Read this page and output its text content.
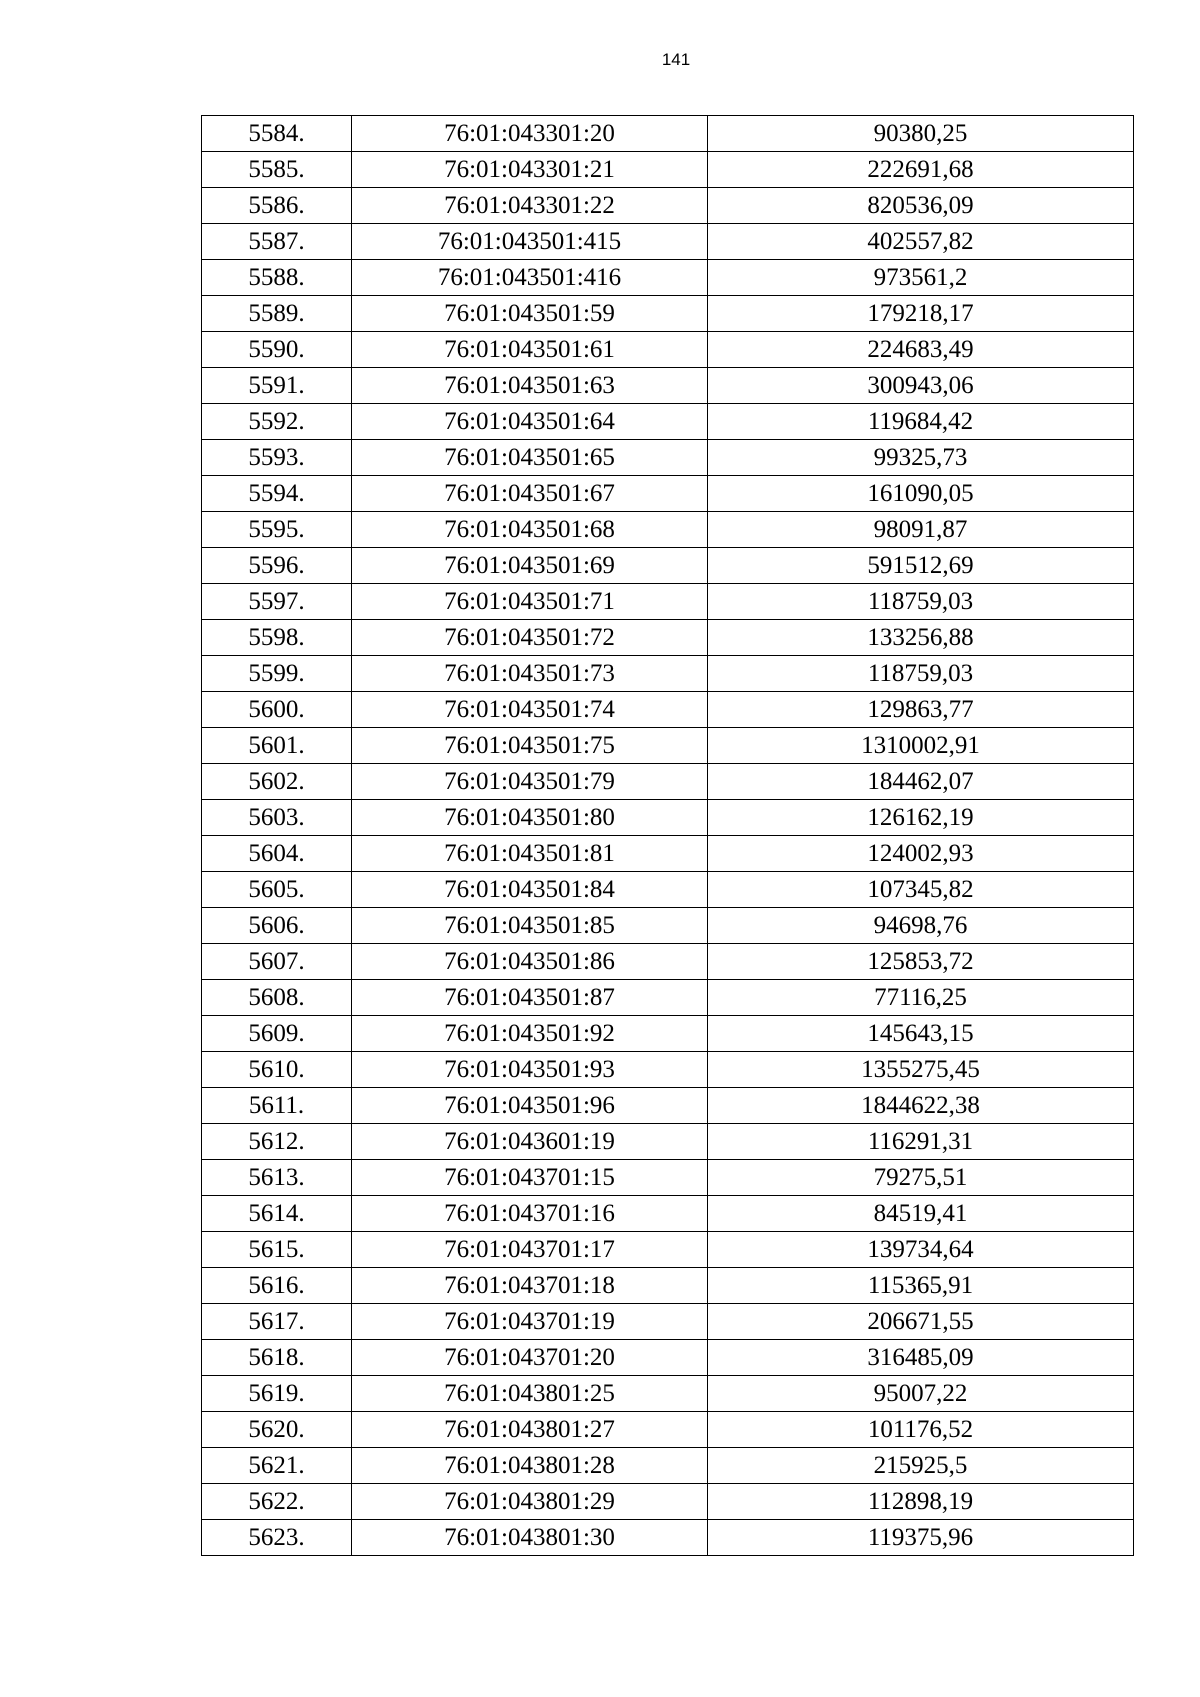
141
5584.	76:01:043301:20	90380,25
5585.	76:01:043301:21	222691,68
5586.	76:01:043301:22	820536,09
5587.	76:01:043501:415	402557,82
5588.	76:01:043501:416	973561,2
5589.	76:01:043501:59	179218,17
5590.	76:01:043501:61	224683,49
5591.	76:01:043501:63	300943,06
5592.	76:01:043501:64	119684,42
5593.	76:01:043501:65	99325,73
5594.	76:01:043501:67	161090,05
5595.	76:01:043501:68	98091,87
5596.	76:01:043501:69	591512,69
5597.	76:01:043501:71	118759,03
5598.	76:01:043501:72	133256,88
5599.	76:01:043501:73	118759,03
5600.	76:01:043501:74	129863,77
5601.	76:01:043501:75	1310002,91
5602.	76:01:043501:79	184462,07
5603.	76:01:043501:80	126162,19
5604.	76:01:043501:81	124002,93
5605.	76:01:043501:84	107345,82
5606.	76:01:043501:85	94698,76
5607.	76:01:043501:86	125853,72
5608.	76:01:043501:87	77116,25
5609.	76:01:043501:92	145643,15
5610.	76:01:043501:93	1355275,45
5611.	76:01:043501:96	1844622,38
5612.	76:01:043601:19	116291,31
5613.	76:01:043701:15	79275,51
5614.	76:01:043701:16	84519,41
5615.	76:01:043701:17	139734,64
5616.	76:01:043701:18	115365,91
5617.	76:01:043701:19	206671,55
5618.	76:01:043701:20	316485,09
5619.	76:01:043801:25	95007,22
5620.	76:01:043801:27	101176,52
5621.	76:01:043801:28	215925,5
5622.	76:01:043801:29	112898,19
5623.	76:01:043801:30	119375,96
